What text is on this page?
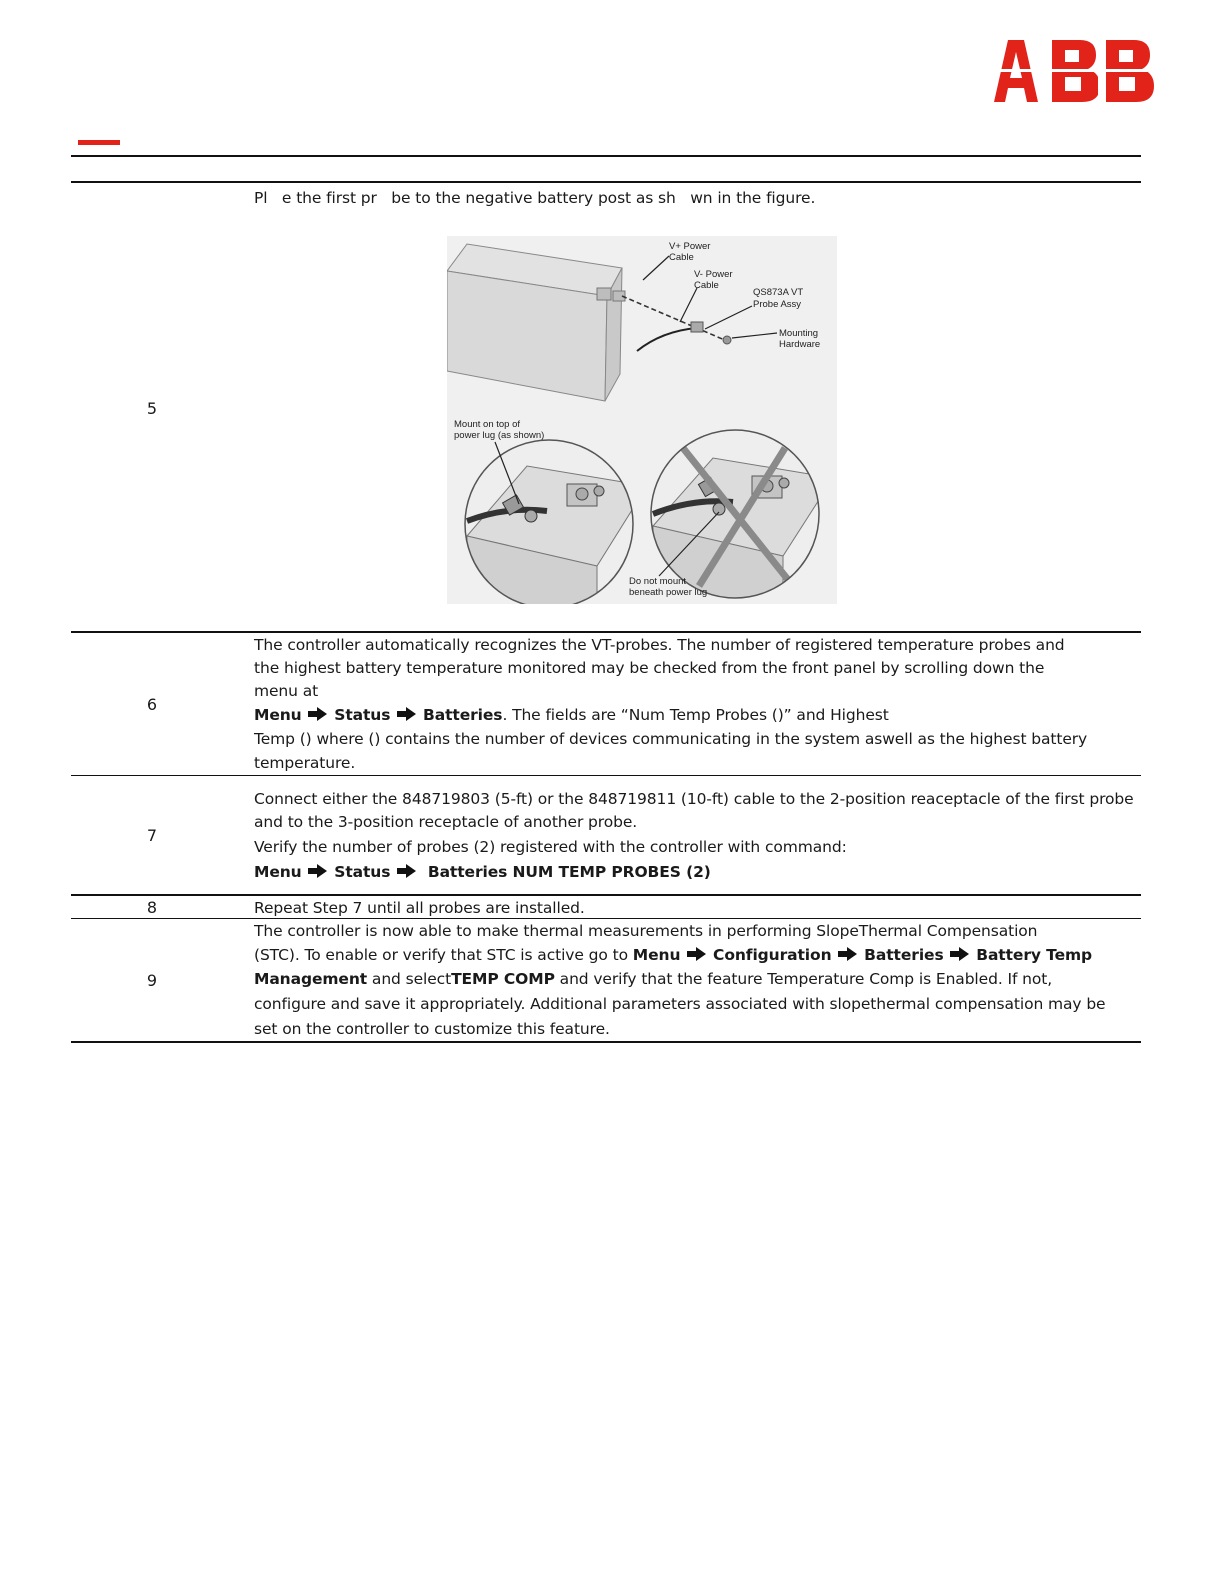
5
Pl   e the first pr   be to the negative battery post as sh   wn in the figure.
V+ Power
Cable
V- Power
Cable
QS873A VT
Probe Assy
Mounting
Hardware
Mount on top of
power lug (as shown)
Do not mount
beneath power lug
6
The controller automatically recognizes the VT-probes. The number of registered temperature probes and
the highest battery temperature monitored may be checked from the front panel by scrolling down the
menu at
Menu Status Batteries. The fields are “Num Temp Probes ()” and Highest
Temp () where () contains the number of devices communicating in the system aswell as the highest battery
temperature.
7
Connect either the 848719803 (5-ft) or the 848719811 (10-ft) cable to the 2-position reaceptacle of the first probe
and to the 3-position receptacle of another probe.
Verify the number of probes (2) registered with the controller with command:
Menu Status Batteries NUM TEMP PROBES (2)
8	Repeat Step 7 until all probes are installed.
9
The controller is now able to make thermal measurements in performing SlopeThermal Compensation
(STC). To enable or verify that STC is active go to Menu Configuration Batteries Battery Temp
Management and selectTEMP COMP and verify that the feature Temperature Comp is Enabled. If not,
configure and save it appropriately. Additional parameters associated with slopethermal compensation may be
set on the controller to customize this feature.
